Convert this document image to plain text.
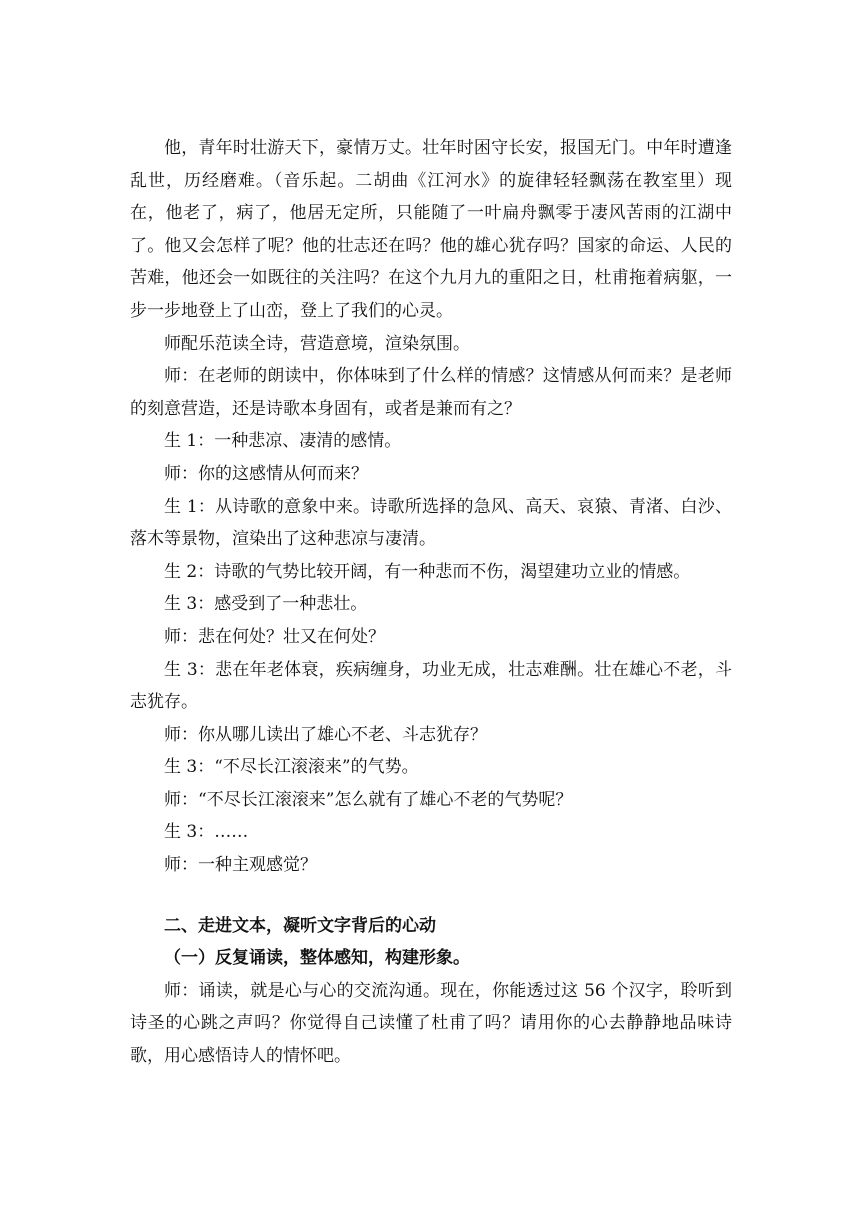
他，青年时壮游天下，豪情万丈。壮年时困守长安，报国无门。中年时遭逢乱世，历经磨难。（音乐起。二胡曲《江河水》的旋律轻轻飘荡在教室里）现在，他老了，病了，他居无定所，只能随了一叶扁舟飘零于凄风苦雨的江湖中了。他又会怎样了呢？他的壮志还在吗？他的雄心犹存吗？国家的命运、人民的苦难，他还会一如既往的关注吗？在这个九月九的重阳之日，杜甫拖着病躯，一步一步地登上了山峦，登上了我们的心灵。

师配乐范读全诗，营造意境，渲染氛围。

师：在老师的朗读中，你体味到了什么样的情感？这情感从何而来？是老师的刻意营造，还是诗歌本身固有，或者是兼而有之？

生 1：一种悲凉、凄清的感情。

师：你的这感情从何而来？

生 1：从诗歌的意象中来。诗歌所选择的急风、高天、哀猿、青渚、白沙、落木等景物，渲染出了这种悲凉与凄清。

生 2：诗歌的气势比较开阔，有一种悲而不伤，渴望建功立业的情感。

生 3：感受到了一种悲壮。

师：悲在何处？壮又在何处？

生 3：悲在年老体衰，疾病缠身，功业无成，壮志难酬。壮在雄心不老，斗志犹存。

师：你从哪儿读出了雄心不老、斗志犹存？

生 3：“不尽长江滚滚来”的气势。

师：“不尽长江滚滚来”怎么就有了雄心不老的气势呢？

生 3：……

师：一种主观感觉？

二、走进文本，凝听文字背后的心动

（一）反复诵读，整体感知，构建形象。

师：诵读，就是心与心的交流沟通。现在，你能透过这 56 个汉字，聆听到诗圣的心跳之声吗？你觉得自己读懂了杜甫了吗？请用你的心去静静地品味诗歌，用心感悟诗人的情怀吧。
